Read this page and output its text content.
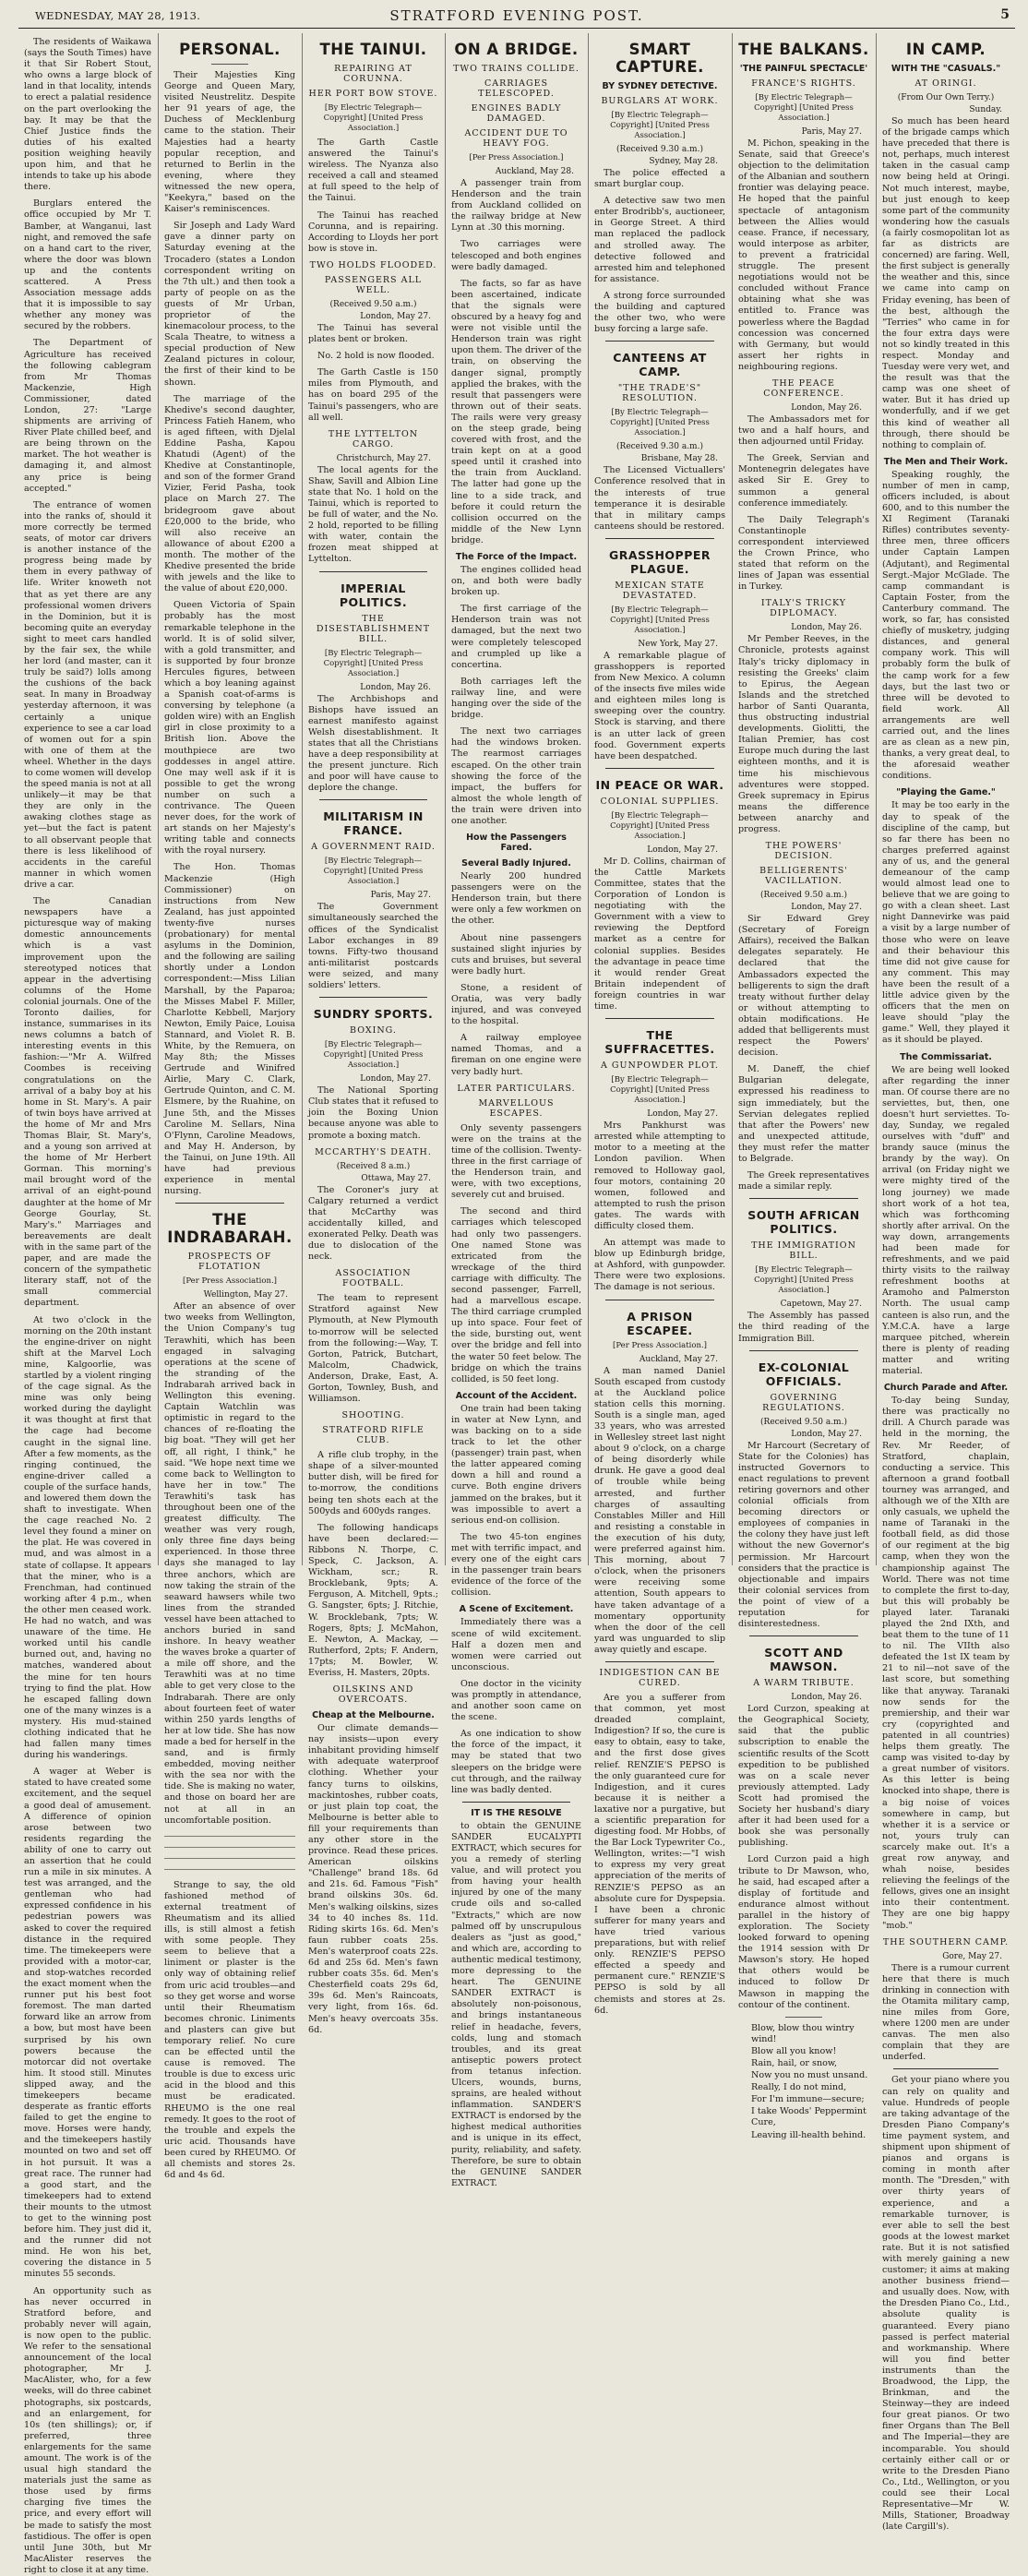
WEDNESDAY, MAY 28, 1913.	STRATFORD EVENING POST.	5

The residents of Waikawa (says the South Times) have it that Sir Robert Stout, who owns a large block of land in that locality, intends to erect a palatial residence on the part overlooking the bay. It may be that the Chief Justice finds the duties of his exalted position weighing heavily upon him, and that he intends to take up his abode there.

Burglars entered the office occupied by Mr T. Bamber, at Wanganui, last night, and removed the safe on a hand cart to the river, where the door was blown up and the contents scattered. A Press Association message adds that it is impossible to say whether any money was secured by the robbers.

The Department of Agriculture has received the following cablegram from Mr Thomas Mackenzie, High Commissioner, dated London, 27: "Large shipments are arriving of River Plate chilled beef, and are being thrown on the market. The hot weather is damaging it, and almost any price is being accepted."

The entrance of women into the ranks of, should it more correctly be termed seats, of motor car drivers is another instance of the progress being made by them in every pathway of life. Writer knoweth not that as yet there are any professional women drivers in the Dominion, but it is becoming quite an everyday sight to meet cars handled by the fair sex, the while her lord (and master, can it truly be said?) lolls among the cushions of the back seat. In many in Broadway yesterday afternoon, it was certainly a unique experience to see a car load of women out for a spin with one of them at the wheel. Whether in the days to come women will develop the speed mania is not at all unlikely—it may be that they are only in the awaking clothes stage as yet—but the fact is patent to all observant people that there is less likelihood of accidents in the careful manner in which women drive a car.

The Canadian newspapers have a picturesque way of making domestic announcements which is a vast improvement upon the stereotyped notices that appear in the advertising columns of the Home colonial journals. One of the Toronto dailies, for instance, summarises in its news columns a batch of interesting events in this fashion:—"Mr A. Wilfred Coombes is receiving congratulations on the arrival of a baby boy at his home in St. Mary's. A pair of twin boys have arrived at the home of Mr and Mrs Thomas Blair, St. Mary's, and a young son arrived at the home of Mr Herbert Gorman. This morning's mail brought word of the arrival of an eight-pound daughter at the home of Mr George Gourlay, St. Mary's." Marriages and bereavements are dealt with in the same part of the paper, and are made the concern of the sympathetic literary staff, not of the small commercial department.

At two o'clock in the morning on the 20th instant the engine-driver on night shift at the Marvel Loch mine, Kalgoorlie, was startled by a violent ringing of the cage signal. As the mine was only being worked during the daylight it was thought at first that the cage had become caught in the signal line. After a few moments, as the ringing continued, the engine-driver called a couple of the surface hands, and lowered them down the shaft to investigate. When the cage reached No. 2 level they found a miner on the plat. He was covered in mud, and was almost in a state of collapse. It appears that the miner, who is a Frenchman, had continued working after 4 p.m., when the other men ceased work. He had no watch, and was unaware of the time. He worked until his candle burned out, and, having no matches, wandered about the mine for ten hours trying to find the plat. How he escaped falling down one of the many winzes is a mystery. His mud-stained clothing indicated that he had fallen many times during his wanderings.

A wager at Weber is stated to have created some excitement, and the sequel a good deal of amusement. A difference of opinion arose between two residents regarding the ability of one to carry out an assertion that he could run a mile in six minutes. A test was arranged, and the gentleman who had expressed confidence in his pedestrian powers was asked to cover the required distance in the required time. The timekeepers were provided with a motor-car, and stop-watches recorded the exact moment when the runner put his best foot foremost. The man darted forward like an arrow from a bow, but most have been surprised by his own powers because the motorcar did not overtake him. It stood still. Minutes slipped away, and the timekeepers became desperate as frantic efforts failed to get the engine to move. Horses were handy, and the timekeepers hastily mounted on two and set off in hot pursuit. It was a great race. The runner had a good start, and the timekeepers had to extend their mounts to the utmost to get to the winning post before him. They just did it, and the runner did not mind. He won his bet, covering the distance in 5 minutes 55 seconds.

An opportunity such as has never occurred in Stratford before, and probably never will again, is now open to the public. We refer to the sensational announcement of the local photographer, Mr J. MacAlister, who, for a few weeks, will do three cabinet photographs, six postcards, and an enlargement, for 10s (ten shillings); or, if preferred, three enlargements for the same amount. The work is of the usual high standard the materials just the same as those used by firms charging five times the price, and every effort will be made to satisfy the most fastidious. The offer is open until June 30th, but Mr MacAlister reserves the right to close it at any time.

PERSONAL.

Their Majesties King George and Queen Mary, visited Neustrelitz. Despite her 91 years of age, the Duchess of Mecklenburg came to the station. Their Majesties had a hearty popular reception, and returned to Berlin in the evening, where they witnessed the new opera, "Keekyra," based on the Kaiser's reminiscences.

Sir Joseph and Lady Ward gave a dinner party on Saturday evening at the Trocadero (states a London correspondent writing on the 7th ult.) and then took a party of people on as the guests of Mr Urban, proprietor of the kinemacolour process, to the Scala Theatre, to witness a special production of New Zealand pictures in colour, the first of their kind to be shown.

The marriage of the Khedive's second daughter, Princess Fatieh Hanem, who is aged fifteen, with Djelal Eddine Pasha, Kapou Khatudi (Agent) of the Khedive at Constantinople, and son of the former Grand Vizier, Ferid Pasha, took place on March 27. The bridegroom gave about £20,000 to the bride, who will also receive an allowance of about £200 a month. The mother of the Khedive presented the bride with jewels and the like to the value of about £20,000.

Queen Victoria of Spain probably has the most remarkable telephone in the world. It is of solid silver, with a gold transmitter, and is supported by four bronze Hercules figures, between which a boy leaning against a Spanish coat-of-arms is conversing by telephone (a golden wire) with an English girl in close proximity to a British lion. Above the mouthpiece are two goddesses in angel attire. One may well ask if it is possible to get the wrong number on such a contrivance. The Queen never does, for the work of art stands on her Majesty's writing table and connects with the royal nursery.

The Hon. Thomas Mackenzie (High Commissioner) on instructions from New Zealand, has just appointed twenty-five nurses (probationary) for mental asylums in the Dominion, and the following are sailing shortly under a London correspondent:—Miss Lilian Marshall, by the Paparoa; the Misses Mabel F. Miller, Charlotte Kebbell, Marjory Newton, Emily Paice, Louisa Stannard, and Violet R. B. White, by the Remuera, on May 8th; the Misses Gertrude and Winifred Airlie, Mary C. Clark, Gertrude Quinton, and C. M. Elsmere, by the Ruahine, on June 5th, and the Misses Caroline M. Sellars, Nina O'Flynn, Caroline Meadows, and May H. Anderson, by the Tainui, on June 19th. All have had previous experience in mental nursing.

THE INDRABARAH.
PROSPECTS OF FLOTATION
[Per Press Association.]
Wellington, May 27.

After an absence of over two weeks from Wellington, the Union Company's tug Terawhiti, which has been engaged in salvaging operations at the scene of the stranding of the Indrabarah arrived back in Wellington this evening. Captain Watchlin was optimistic in regard to the chances of re-floating the big boat. "They will get her off, all right, I think," he said. "We hope next time we come back to Wellington to have her in tow." The Terawhiti's task has throughout been one of the greatest difficulty. The weather was very rough, only three fine days being experienced. In those three days she managed to lay three anchors, which are now taking the strain of the seaward hawsers while two lines from the stranded vessel have been attached to anchors buried in sand inshore. In heavy weather the waves broke a quarter of a mile off shore, and the Terawhiti was at no time able to get very close to the Indrabarah. There are only about fourteen feet of water within 250 yards lengths of her at low tide. She has now made a bed for herself in the sand, and is firmly embedded, moving neither with the sea nor with the tide. She is making no water, and those on board her are not at all in an uncomfortable position.

Strange to say, the old fashioned method of external treatment of Rheumatism and its allied ills, is still almost a fetish with some people. They seem to believe that a liniment or plaster is the only way of obtaining relief from uric acid troubles—and so they get worse and worse until their Rheumatism becomes chronic. Liniments and plasters can give but temporary relief. No cure can be effected until the cause is removed. The trouble is due to excess uric acid in the blood and this must be eradicated. RHEUMO is the one real remedy. It goes to the root of the trouble and expels the uric acid. Thousands have been cured by RHEUMO. Of all chemists and stores 2s. 6d and 4s 6d.

THE TAINUI.
REPAIRING AT CORUNNA.
HER PORT BOW STOVE.
[By Electric Telegraph—Copyright] [United Press Association.]

The Garth Castle answered the Tainui's wireless. The Nyanza also received a call and steamed at full speed to the help of the Tainui.

The Tainui has reached Corunna, and is repairing. According to Lloyds her port bow is stove in.

TWO HOLDS FLOODED.
PASSENGERS ALL WELL.
(Received 9.50 a.m.)
London, May 27.

The Tainui has several plates bent or broken.

No. 2 hold is now flooded.

The Garth Castle is 150 miles from Plymouth, and has on board 295 of the Tainui's passengers, who are all well.

THE LYTTELTON CARGO.
Christchurch, May 27.

The local agents for the Shaw, Savill and Albion Line state that No. 1 hold on the Tainui, which is reported to be full of water, and the No. 2 hold, reported to be filling with water, contain the frozen meat shipped at Lyttelton.

IMPERIAL POLITICS.
THE DISESTABLISHMENT BILL.
[By Electric Telegraph—Copyright] [United Press Association.]
London, May 26.

The Archbishops and Bishops have issued an earnest manifesto against Welsh disestablishment. It states that all the Christians have a deep responsibility at the present juncture. Rich and poor will have cause to deplore the change.

MILITARISM IN FRANCE.
A GOVERNMENT RAID.
[By Electric Telegraph—Copyright] [United Press Association.]
Paris, May 27.

The Government simultaneously searched the offices of the Syndicalist Labor exchanges in 89 towns. Fifty-two thousand anti-militarist postcards were seized, and many soldiers' letters.

SUNDRY SPORTS.
BOXING.
[By Electric Telegraph—Copyright] [United Press Association.]
London, May 27.

The National Sporting Club states that it refused to join the Boxing Union because anyone was able to promote a boxing match.

MCCARTHY'S DEATH.
(Received 8 a.m.)
Ottawa, May 27.

The Coroner's jury at Calgary returned a verdict that McCarthy was accidentally killed, and exonerated Pelky. Death was due to dislocation of the neck.

ASSOCIATION FOOTBALL.

The team to represent Stratford against New Plymouth, at New Plymouth to-morrow will be selected from the following:—Way, T. Gorton, Patrick, Butchart, Malcolm, Chadwick, Anderson, Drake, East, A. Gorton, Townley, Bush, and Williamson.

SHOOTING.
STRATFORD RIFLE CLUB.

A rifle club trophy, in the shape of a silver-mounted butter dish, will be fired for to-morrow, the conditions being ten shots each at the 500yds and 600yds ranges.

The following handicaps have been declared:—Ribbons N. Thorpe, C. Speck, C. Jackson, A. Wickham, scr.; R. Brocklebank, 9pts; A. Ferguson, A. Mitchell, 9pts.; G. Sangster, 6pts; J. Ritchie, W. Brocklebank, 7pts; W. Rogers, 8pts; J. McMahon, E. Newton, A. Mackay, — Rutherford, 2pts; F. Andern, 17pts; M. Bowler, W. Everiss, H. Masters, 20pts.

OILSKINS AND OVERCOATS.
Cheap at the Melbourne.

Our climate demands—nay insists—upon every inhabitant providing himself with adequate waterproof clothing. Whether your fancy turns to oilskins, mackintoshes, rubber coats, or just plain top coat, the Melbourne is better able to fill your requirements than any other store in the province. Read these prices. American oilskins "Challenge" brand 18s. 6d and 21s. 6d. Famous "Fish" brand oilskins 30s. 6d. Men's walking oilskins, sizes 34 to 40 inches 8s. 11d. Riding skirts 16s. 6d. Men's faun rubber coats 25s. Men's waterproof coats 22s. 6d and 25s 6d. Men's fawn rubber coats 35s. 6d. Men's Chesterfield coats 29s 6d, 39s 6d. Men's Raincoats, very light, from 16s. 6d. Men's heavy overcoats 35s. 6d.

ON A BRIDGE.
TWO TRAINS COLLIDE.
CARRIAGES TELESCOPED.
ENGINES BADLY DAMAGED.
ACCIDENT DUE TO HEAVY FOG.
[Per Press Association.]
Auckland, May 28.

A passenger train from Henderson and the train from Auckland collided on the railway bridge at New Lynn at .30 this morning.

Two carriages were telescoped and both engines were badly damaged.

The facts, so far as have been ascertained, indicate that the signals were obscured by a heavy fog and were not visible until the Henderson train was right upon them. The driver of the train, on observing the danger signal, promptly applied the brakes, with the result that passengers were thrown out of their seats. The rails were very greasy on the steep grade, being covered with frost, and the train kept on at a good speed until it crashed into the train from Auckland. The latter had gone up the line to a side track, and before it could return the collision occurred on the middle of the New Lynn bridge.

The Force of the Impact.

The engines collided head on, and both were badly broken up.

The first carriage of the Henderson train was not damaged, but the next two were completely telescoped and crumpled up like a concertina.

Both carriages left the railway line, and were hanging over the side of the bridge.

The next two carriages had the windows broken. The rearmost carriages escaped. On the other train showing the force of the impact, the buffers for almost the whole length of the train were driven into one another.

How the Passengers Fared.
Several Badly Injured.

Nearly 200 hundred passengers were on the Henderson train, but there were only a few workmen on the other.

About nine passengers sustained slight injuries by cuts and bruises, but several were badly hurt.

Stone, a resident of Oratia, was very badly injured, and was conveyed to the hospital.

A railway employee named Thomas, and a fireman on one engine were very badly hurt.

LATER PARTICULARS.
MARVELLOUS ESCAPES.

Only seventy passengers were on the trains at the time of the collision. Twenty-three in the first carriage of the Henderson train, and were, with two exceptions, severely cut and bruised.

The second and third carriages which telescoped had only two passengers. One named Stone was extricated from the wreckage of the third carriage with difficulty. The second passenger, Farrell, had a marvellous escape. The third carriage crumpled up into space. Four feet of the side, bursting out, went over the bridge and fell into the water 50 feet below. The bridge on which the trains collided, is 50 feet long.

Account of the Accident.

One train had been taking in water at New Lynn, and was backing on to a side track to let the other (passenger) train past, when the latter appeared coming down a hill and round a curve. Both engine drivers jammed on the brakes, but it was impossible to avert a serious end-on collision.

The two 45-ton engines met with terrific impact, and every one of the eight cars in the passenger train bears evidence of the force of the collision.

A Scene of Excitement.

Immediately there was a scene of wild excitement. Half a dozen men and women were carried out unconscious.

One doctor in the vicinity was promptly in attendance, and another soon came on the scene.

As one indication to show the force of the impact, it may be stated that two sleepers on the bridge were cut through, and the railway line was badly dented.

IT IS THE RESOLVE

to obtain the GENUINE SANDER EUCALYPTI EXTRACT, which secures for you a remedy of sterling value, and will protect you from having your health injured by one of the many crude oils and so-called "Extracts," which are now palmed off by unscrupulous dealers as "just as good," and which are, according to authentic medical testimony, more depressing to the heart. The GENUINE SANDER EXTRACT is absolutely non-poisonous, and brings instantaneous relief in headache, fevers, colds, lung and stomach troubles, and its great antiseptic powers protect from tetanus infection. Ulcers, wounds, burns, sprains, are healed without inflammation. SANDER'S EXTRACT is endorsed by the highest medical authorities and is unique in its effect, purity, reliability, and safety. Therefore, be sure to obtain the GENUINE SANDER EXTRACT.

SMART CAPTURE.
BY SYDNEY DETECTIVE.
BURGLARS AT WORK.
[By Electric Telegraph—Copyright] [United Press Association.]
(Received 9.30 a.m.)
Sydney, May 28.

The police effected a smart burglar coup.

A detective saw two men enter Brodribb's, auctioneer, in George Street. A third man replaced the padlock and strolled away. The detective followed and arrested him and telephoned for assistance.

A strong force surrounded the building and captured the other two, who were busy forcing a large safe.

CANTEENS AT CAMP.
"THE TRADE'S" RESOLUTION.
[By Electric Telegraph—Copyright] [United Press Association.]
(Received 9.30 a.m.)
Brisbane, May 28.

The Licensed Victuallers' Conference resolved that in the interests of true temperance it is desirable that in military camps canteens should be restored.

GRASSHOPPER PLAGUE.
MEXICAN STATE DEVASTATED.
[By Electric Telegraph—Copyright] [United Press Association.]
New York, May 27.

A remarkable plague of grasshoppers is reported from New Mexico. A column of the insects five miles wide and eighteen miles long is sweeping over the country. Stock is starving, and there is an utter lack of green food. Government experts have been despatched.

IN PEACE OR WAR.
COLONIAL SUPPLIES.
[By Electric Telegraph—Copyright] [United Press Association.]
London, May 27.

Mr D. Collins, chairman of the Cattle Markets Committee, states that the Corporation of London is negotiating with the Government with a view to reviewing the Deptford market as a centre for colonial supplies. Besides the advantage in peace time it would render Great Britain independent of foreign countries in war time.

THE SUFFRACETTES.
A GUNPOWDER PLOT.
[By Electric Telegraph—Copyright] [United Press Association.]
London, May 27.

Mrs Pankhurst was arrested while attempting to motor to a meeting at the London pavilion. When removed to Holloway gaol, four motors, containing 20 women, followed and attempted to rush the prison gates. The wards with difficulty closed them.

An attempt was made to blow up Edinburgh bridge, at Ashford, with gunpowder. There were two explosions. The damage is not serious.

A PRISON ESCAPEE.
[Per Press Association.]
Auckland, May 27.

A man named Daniel South escaped from custody at the Auckland police station cells this morning. South is a single man, aged 33 years, who was arrested in Wellesley street last night about 9 o'clock, on a charge of being disorderly while drunk. He gave a good deal of trouble while being arrested, and further charges of assaulting Constables Miller and Hill and resisting a constable in the execution of his duty, were preferred against him. This morning, about 7 o'clock, when the prisoners were receiving some attention, South appears to have taken advantage of a momentary opportunity when the door of the cell yard was unguarded to slip away quietly and escape.

INDIGESTION CAN BE CURED.

Are you a sufferer from that common, yet most dreaded complaint, Indigestion? If so, the cure is easy to obtain, easy to take, and the first dose gives relief. RENZIE'S PEPSO is the only guaranteed cure for Indigestion, and it cures because it is neither a laxative nor a purgative, but a scientific preparation for digesting food. Mr Hobbs, of the Bar Lock Typewriter Co., Wellington, writes:—"I wish to express my very great appreciation of the merits of RENZIE'S PEPSO as an absolute cure for Dyspepsia. I have been a chronic sufferer for many years and have tried various preparations, but with relief only. RENZIE'S PEPSO effected a speedy and permanent cure." RENZIE'S PEPSO is sold by all chemists and stores at 2s. 6d.

THE BALKANS.
'THE PAINFUL SPECTACLE'
FRANCE'S RIGHTS.
[By Electric Telegraph—Copyright] [United Press Association.]
Paris, May 27.

M. Pichon, speaking in the Senate, said that Greece's objection to the delimitation of the Albanian and southern frontier was delaying peace. He hoped that the painful spectacle of antagonism between the Allies would cease. France, if necessary, would interpose as arbiter, to prevent a fratricidal struggle. The present negotiations would not be concluded without France obtaining what she was entitled to. France was powerless where the Bagdad concession was concerned with Germany, but would assert her rights in neighbouring regions.

THE PEACE CONFERENCE.
London, May 26.

The Ambassadors met for two and a half hours, and then adjourned until Friday.

The Greek, Servian and Montenegrin delegates have asked Sir E. Grey to summon a general conference immediately.

The Daily Telegraph's Constantinople correspondent interviewed the Crown Prince, who stated that reform on the lines of Japan was essential in Turkey.

ITALY'S TRICKY DIPLOMACY.
London, May 26.

Mr Pember Reeves, in the Chronicle, protests against Italy's tricky diplomacy in resisting the Greeks' claim to Epirus, the Aegean Islands and the stretched harbor of Santi Quaranta, thus obstructing industrial developments. Giolitti, the Italian Premier, has cost Europe much during the last eighteen months, and it is time his mischievous adventures were stopped. Greek supremacy in Epirus means the difference between anarchy and progress.

THE POWERS' DECISION.
BELLIGERENTS' VACILLATION.
(Received 9.50 a.m.)
London, May 27.

Sir Edward Grey (Secretary of Foreign Affairs), received the Balkan delegates separately. He declared that the Ambassadors expected the belligerents to sign the draft treaty without further delay or without attempting to obtain modifications. He added that belligerents must respect the Powers' decision.

M. Daneff, the chief Bulgarian delegate, expressed his readiness to sign immediately, but the Servian delegates replied that after the Powers' new and unexpected attitude, they must refer the matter to Belgrade.

The Greek representatives made a similar reply.

SOUTH AFRICAN POLITICS.
THE IMMIGRATION BILL.
[By Electric Telegraph—Copyright] [United Press Association.]
Capetown, May 27.

The Assembly has passed the third reading of the Immigration Bill.

EX-COLONIAL OFFICIALS.
GOVERNING REGULATIONS.
(Received 9.50 a.m.)
London, May 27.

Mr Harcourt (Secretary of State for the Colonies) has instructed Governors to enact regulations to prevent retiring governors and other colonial officials from becoming directors or employees of companies in the colony they have just left without the new Governor's permission. Mr Harcourt considers that the practice is objectionable and impairs their colonial services from the point of view of a reputation for disinterestedness.

SCOTT AND MAWSON.
A WARM TRIBUTE.
London, May 26.

Lord Curzon, speaking at the Geographical Society, said that the public subscription to enable the scientific results of the Scott expedition to be published was on a scale never previously attempted. Lady Scott had promised the Society her husband's diary after it had been used for a book she was personally publishing.

Lord Curzon paid a high tribute to Dr Mawson, who, he said, had escaped after a display of fortitude and endurance almost without parallel in the history of exploration. The Society looked forward to opening the 1914 session with Dr Mawson's story. He hoped that others would be induced to follow Dr Mawson in mapping the contour of the continent.

Blow, blow thou wintry wind!

Blow all you know!

Rain, hail, or snow,

Now you no must unsand.

Really, I do not mind,

For I'm immune—secure;

I take Woods' Peppermint Cure,

Leaving ill-health behind.

IN CAMP.
WITH THE "CASUALS."
AT ORINGI.
(From Our Own Terry.)
Sunday.

So much has been heard of the brigade camps which have preceded that there is not, perhaps, much interest taken in the casual camp now being held at Oringi. Not much interest, maybe, but just enough to keep some part of the community wondering how the casuals (a fairly cosmopolitan lot as far as districts are concerned) are faring. Well, the first subject is generally the weather and this, since we came into camp on Friday evening, has been of the best, although the "Terries" who came in for the four extra days were not so kindly treated in this respect. Monday and Tuesday were very wet, and the result was that the camp was one sheet of water. But it has dried up wonderfully, and if we get this kind of weather all through, there should be nothing to complain of.

The Men and Their Work.

Speaking roughly, the number of men in camp, officers included, is about 600, and to this number the XI Regiment (Taranaki Rifles) contributes seventy-three men, three officers under Captain Lampen (Adjutant), and Regimental Sergt.-Major McGlade. The camp commandant is Captain Foster, from the Canterbury command. The work, so far, has consisted chiefly of musketry, judging distances, and general company work. This will probably form the bulk of the camp work for a few days, but the last two or three will be devoted to field work. All arrangements are well carried out, and the lines are as clean as a new pin, thanks, a very great deal, to the aforesaid weather conditions.

"Playing the Game."

It may be too early in the day to speak of the discipline of the camp, but so far there has been no charges preferred against any of us, and the general demeanour of the camp would almost lead one to believe that we are going to go with a clean sheet. Last night Dannevirke was paid a visit by a large number of those who were on leave and their behaviour this time did not give cause for any comment. This may have been the result of a little advice given by the officers that the men on leave should "play the game." Well, they played it as it should be played.

The Commissariat.

We are being well looked after regarding the inner man. Of course there are no serviettes, but, then, one doesn't hurt serviettes. To-day, Sunday, we regaled ourselves with "duff" and brandy sauce (minus the brandy by the way). On arrival (on Friday night we were mighty tired of the long journey) we made short work of a hot tea, which was forthcoming shortly after arrival. On the way down, arrangements had been made for refreshments, and we paid thirty visits to the railway refreshment booths at Aramoho and Palmerston North. The usual camp canteen is also run, and the Y.M.C.A. have a large marquee pitched, wherein there is plenty of reading matter and writing material.

Church Parade and After.

To-day being Sunday, there was practically no drill. A Church parade was held in the morning, the Rev. Mr Reeder, of Stratford, chaplain, conducting a service. This afternoon a grand football tourney was arranged, and although we of the XIth are only casuals, we upheld the name of Taranaki in the football field, as did those of our regiment at the big camp, when they won the championship against The World. There was not time to complete the first to-day, but this will probably be played later. Taranaki played the 2nd IXth, and beat them to the tune of 11 to nil. The VIIth also defeated the 1st IX team by 21 to nil—not save of the last score, but something like that anyway. Taranaki now sends for the premiership, and their war cry (copyrighted and patented in all countries) helps them greatly. The camp was visited to-day by a great number of visitors. As this letter is being knocked into shape, there is a big noise of voices somewhere in camp, but whether it is a service or not, yours truly can scarcely make out. It's a great row anyway, and whah noise, besides relieving the feelings of the fellows, gives one an insight into their contentment. They are one big happy "mob."

THE SOUTHERN CAMP.
Gore, May 27.

There is a rumour current here that there is much drinking in connection with the Otamita military camp, nine miles from Gore, where 1200 men are under canvas. The men also complain that they are underfed.

Get your piano where you can rely on quality and value. Hundreds of people are taking advantage of the Dresden Piano Company's time payment system, and shipment upon shipment of pianos and organs is coming in month after month. The "Dresden," with over thirty years of experience, and a remarkable turnover, is ever able to sell the best goods at the lowest market rate. But it is not satisfied with merely gaining a new customer; it aims at making another business friend—and usually does. Now, with the Dresden Piano Co., Ltd., absolute quality is guaranteed. Every piano passed is perfect material and workmanship. Where will you find better instruments than the Broadwood, the Lipp, the Brinkman, and the Steinway—they are indeed four great pianos. Or two finer Organs than The Bell and The Imperial—they are incomparable. You should certainly either call or or write to the Dresden Piano Co., Ltd., Wellington, or you could see their Local Representative—Mr W. Mills, Stationer, Broadway (late Cargill's).
